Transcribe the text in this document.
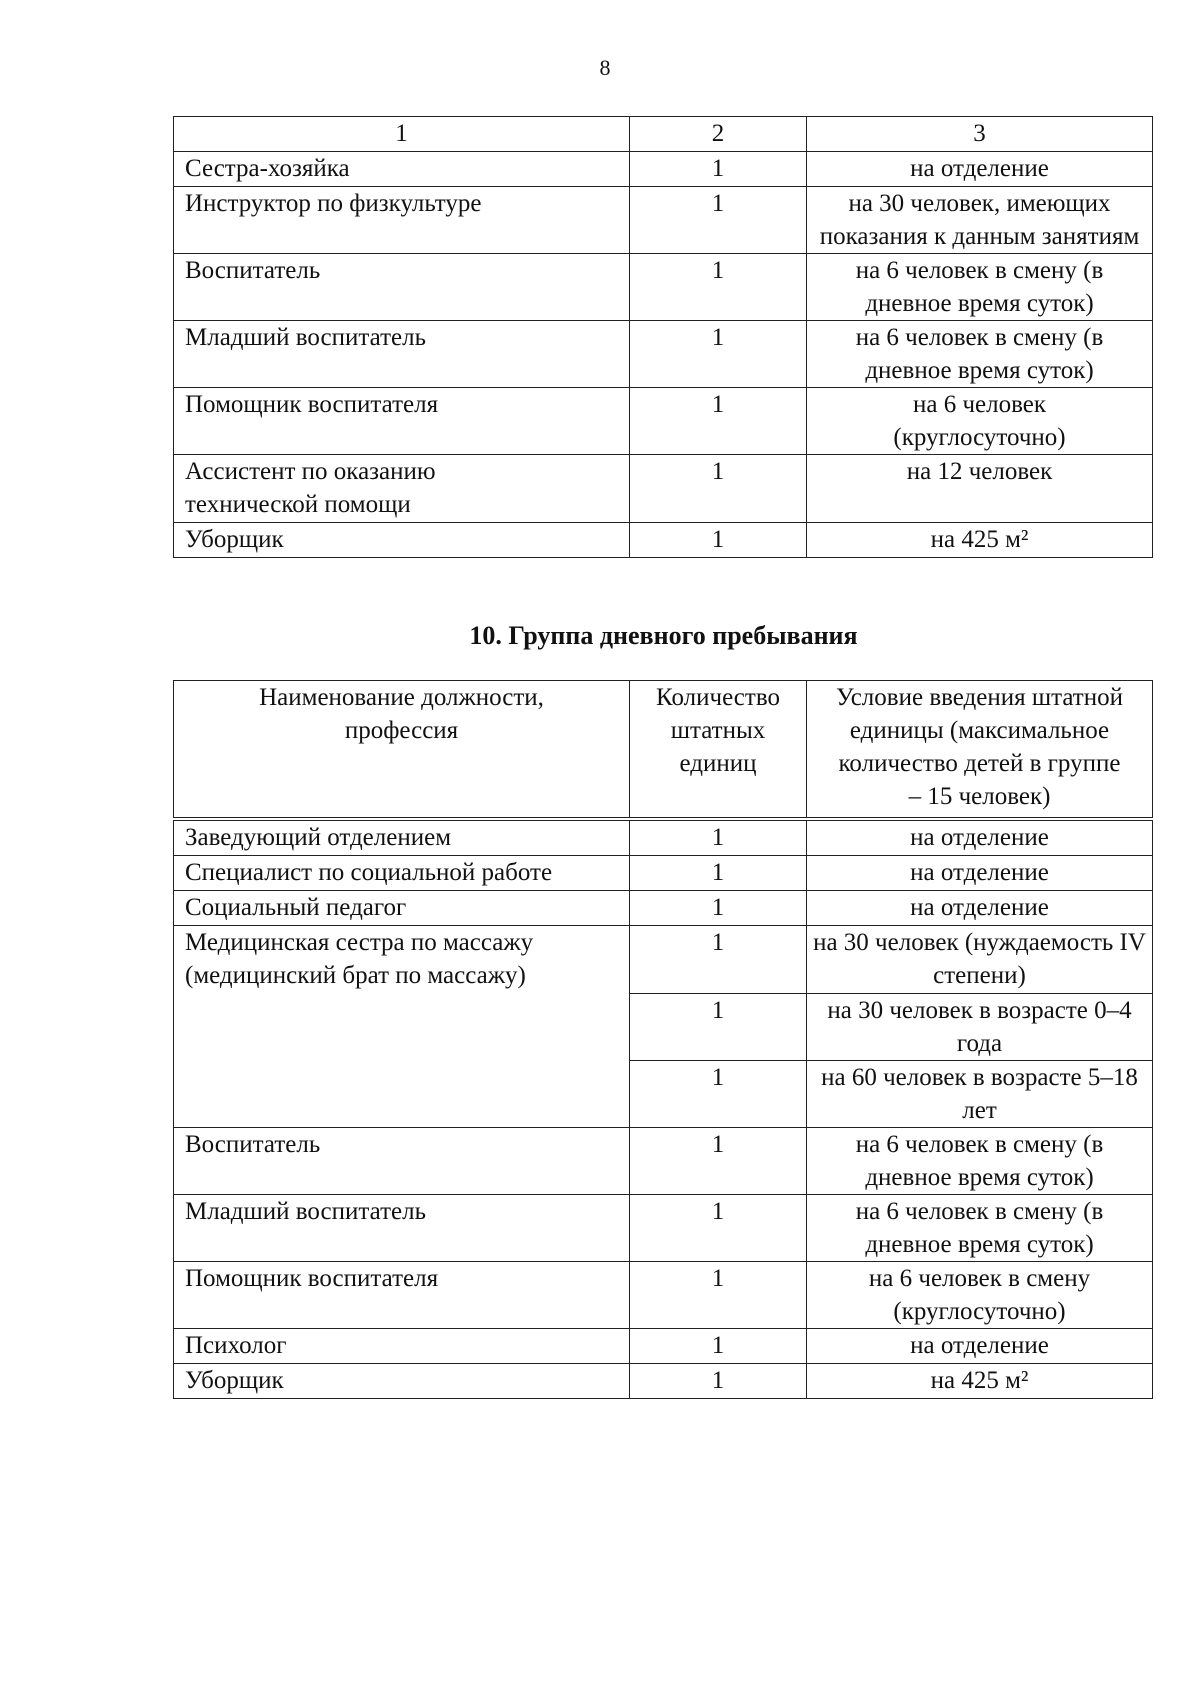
8
1	2	3
Сестра-хозяйка	1	на отделение
Инструктор по физкультуре	1	на 30 человек, имеющих показания к данным занятиям
Воспитатель	1	на 6 человек в смену (в дневное время суток)
Младший воспитатель	1	на 6 человек в смену (в дневное время суток)
Помощник воспитателя	1	на 6 человек (круглосуточно)
Ассистент по оказанию технической помощи	1	на 12 человек
Уборщик	1	на 425 м²
10. Группа дневного пребывания
Наименование должности, профессия	Количество штатных единиц	Условие введения штатной единицы (максимальное количество детей в группе – 15 человек)
Заведующий отделением	1	на отделение
Специалист по социальной работе	1	на отделение
Социальный педагог	1	на отделение
Медицинская сестра по массажу (медицинский брат по массажу)	1	на 30 человек (нуждаемость IV степени)
	1	на 30 человек в возрасте 0–4 года
	1	на 60 человек в возрасте 5–18 лет
Воспитатель	1	на 6 человек в смену (в дневное время суток)
Младший воспитатель	1	на 6 человек в смену (в дневное время суток)
Помощник воспитателя	1	на 6 человек в смену (круглосуточно)
Психолог	1	на отделение
Уборщик	1	на 425 м²
